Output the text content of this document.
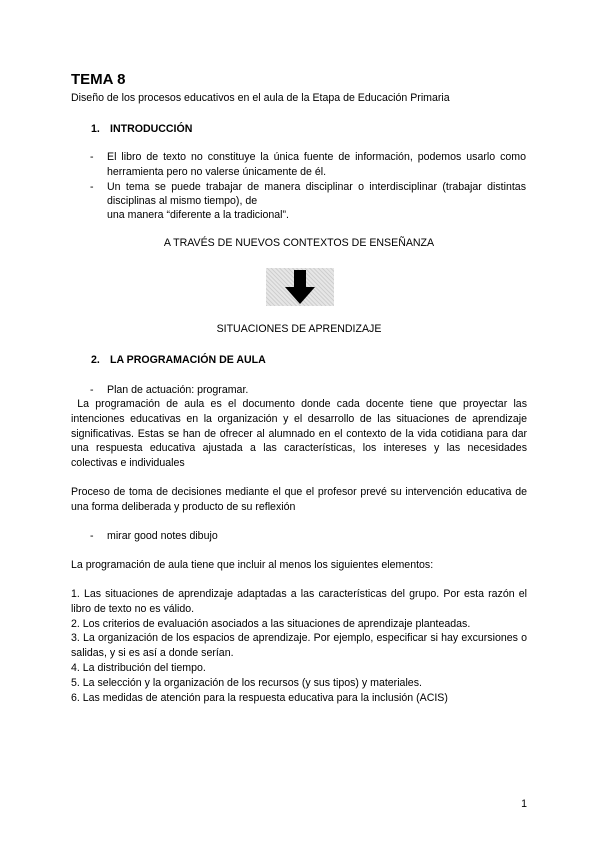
TEMA 8
Diseño de los procesos educativos en el aula de la Etapa de Educación Primaria
1. INTRODUCCIÓN
- El libro de texto no constituye la única fuente de información, podemos usarlo como herramienta pero no valerse únicamente de él.
- Un tema se puede trabajar de manera disciplinar o interdisciplinar (trabajar distintas disciplinas al mismo tiempo), de
una manera “diferente a la tradicional”.
A TRAVÉS DE NUEVOS CONTEXTOS DE ENSEÑANZA
SITUACIONES DE APRENDIZAJE
2. LA PROGRAMACIÓN DE AULA
- Plan de actuación: programar.
La programación de aula es el documento donde cada docente tiene que proyectar las intenciones educativas en la organización y el desarrollo de las situaciones de aprendizaje significativas. Estas se han de ofrecer al alumnado en el contexto de la vida cotidiana para dar una respuesta educativa ajustada a las características, los intereses y las necesidades colectivas e individuales
Proceso de toma de decisiones mediante el que el profesor prevé su intervención educativa de una forma deliberada y producto de su reflexión
- mirar good notes dibujo
La programación de aula tiene que incluir al menos los siguientes elementos:
1. Las situaciones de aprendizaje adaptadas a las características del grupo. Por esta razón el libro de texto no es válido.
2. Los criterios de evaluación asociados a las situaciones de aprendizaje planteadas.
3. La organización de los espacios de aprendizaje. Por ejemplo, especificar si hay excursiones o salidas, y si es así a donde serían.
4. La distribución del tiempo.
5. La selección y la organización de los recursos (y sus tipos) y materiales.
6. Las medidas de atención para la respuesta educativa para la inclusión (ACIS)
1
